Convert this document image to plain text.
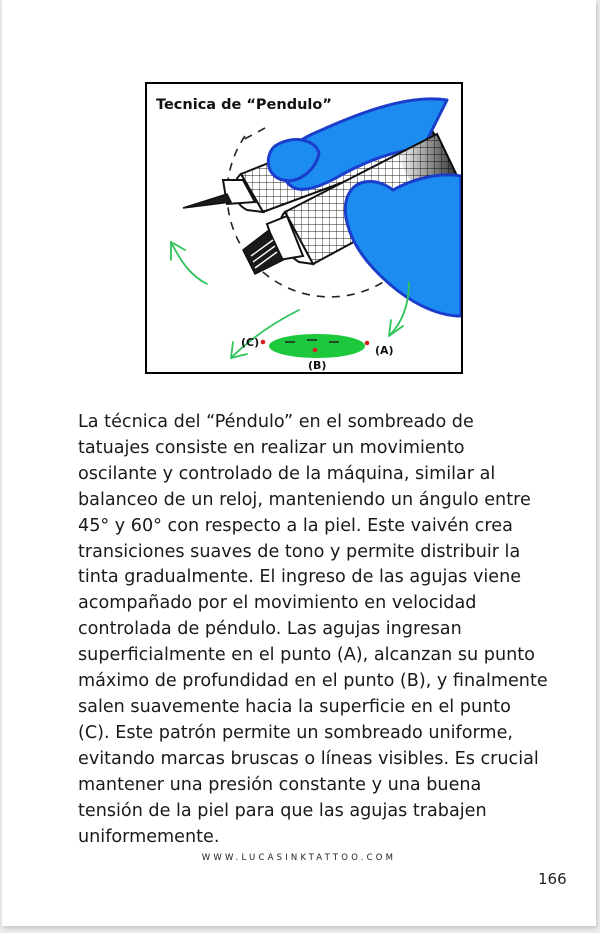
Tecnica de “Pendulo”
(C)
(A)
(B)

La técnica del “Péndulo” en el sombreado de tatuajes consiste en realizar un movimiento oscilante y controlado de la máquina, similar al balanceo de un reloj, manteniendo un ángulo entre 45° y 60° con respecto a la piel. Este vaivén crea transiciones suaves de tono y permite distribuir la tinta gradualmente. El ingreso de las agujas viene acompañado por el movimiento en velocidad controlada de péndulo. Las agujas ingresan superficialmente en el punto (A), alcanzan su punto máximo de profundidad en el punto (B), y finalmente salen suavemente hacia la superficie en el punto (C). Este patrón permite un sombreado uniforme, evitando marcas bruscas o líneas visibles. Es crucial mantener una presión constante y una buena tensión de la piel para que las agujas trabajen uniformemente.

WWW.LUCASINKTATTOO.COM
166
